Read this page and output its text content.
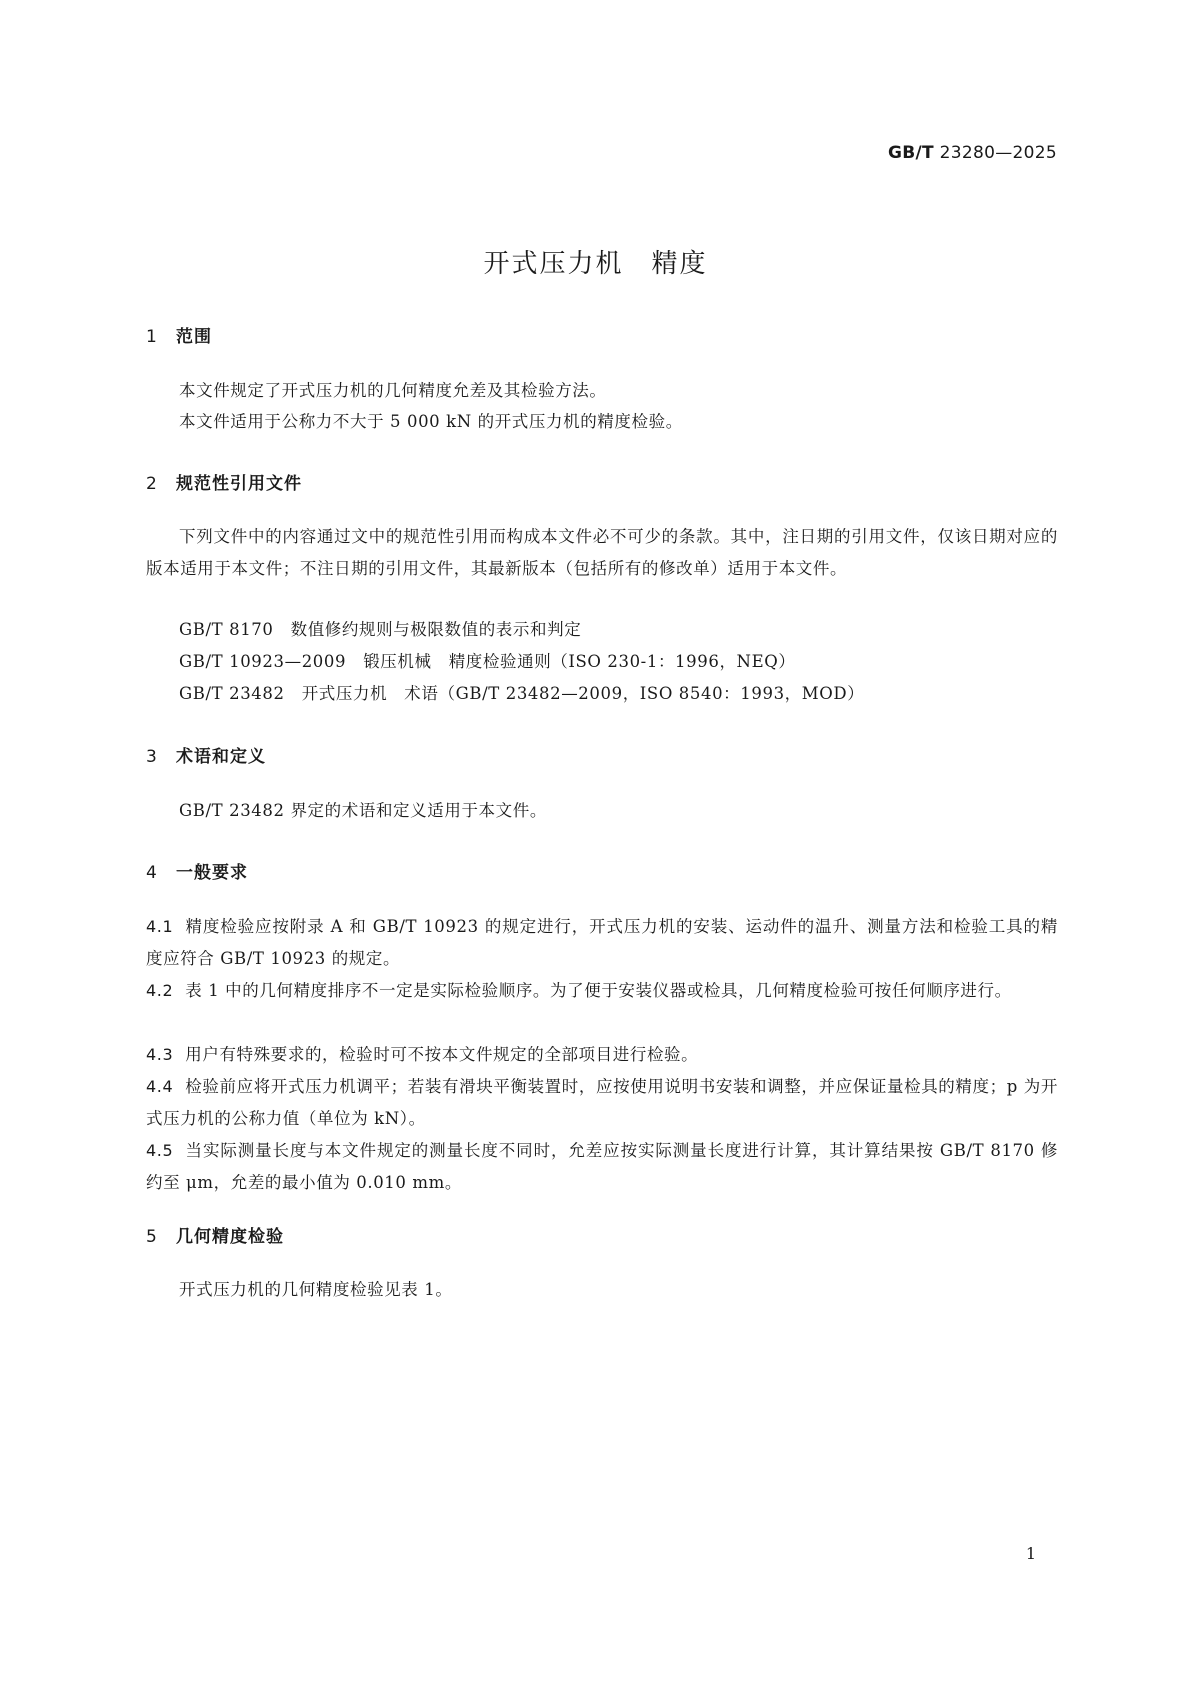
GB/T 23280—2025
开式压力机　精度
1 范围
本文件规定了开式压力机的几何精度允差及其检验方法。
本文件适用于公称力不大于 5 000 kN 的开式压力机的精度检验。
2 规范性引用文件
下列文件中的内容通过文中的规范性引用而构成本文件必不可少的条款。其中，注日期的引用文件，仅该日期对应的版本适用于本文件；不注日期的引用文件，其最新版本（包括所有的修改单）适用于本文件。
GB/T 8170　数值修约规则与极限数值的表示和判定
GB/T 10923—2009　锻压机械　精度检验通则（ISO 230-1：1996，NEQ）
GB/T 23482　开式压力机　术语（GB/T 23482—2009，ISO 8540：1993，MOD）
3 术语和定义
GB/T 23482 界定的术语和定义适用于本文件。
4 一般要求
4.1 精度检验应按附录 A 和 GB/T 10923 的规定进行，开式压力机的安装、运动件的温升、测量方法和检验工具的精度应符合 GB/T 10923 的规定。
4.2 表 1 中的几何精度排序不一定是实际检验顺序。为了便于安装仪器或检具，几何精度检验可按任何顺序进行。
4.3 用户有特殊要求的，检验时可不按本文件规定的全部项目进行检验。
4.4 检验前应将开式压力机调平；若装有滑块平衡装置时，应按使用说明书安装和调整，并应保证量检具的精度；p 为开式压力机的公称力值（单位为 kN）。
4.5 当实际测量长度与本文件规定的测量长度不同时，允差应按实际测量长度进行计算，其计算结果按 GB/T 8170 修约至 μm，允差的最小值为 0.010 mm。
5 几何精度检验
开式压力机的几何精度检验见表 1。
1
